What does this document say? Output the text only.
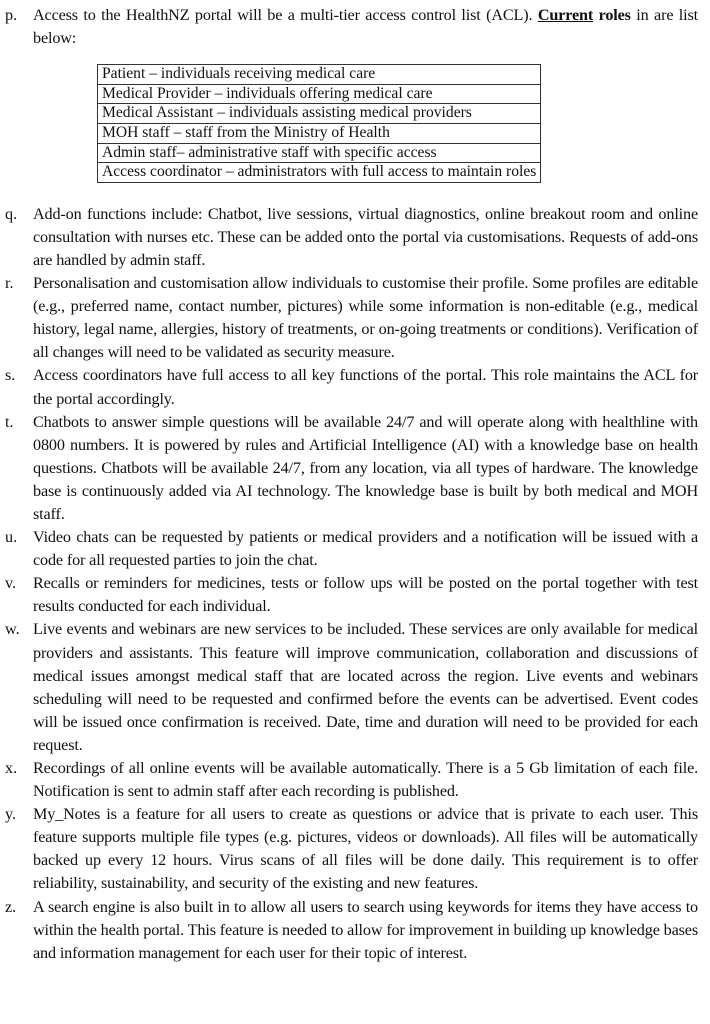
p. Access to the HealthNZ portal will be a multi-tier access control list (ACL). Current roles in are list below:
Patient – individuals receiving medical care
Medical Provider – individuals offering medical care
Medical Assistant – individuals assisting medical providers
MOH staff – staff from the Ministry of Health
Admin staff– administrative staff with specific access
Access coordinator – administrators with full access to maintain roles
q. Add-on functions include: Chatbot, live sessions, virtual diagnostics, online breakout room and online consultation with nurses etc. These can be added onto the portal via customisations. Requests of add-ons are handled by admin staff.
r.	Personalisation and customisation allow individuals to customise their profile. Some profiles are editable (e.g., preferred name, contact number, pictures) while some information is non-editable (e.g., medical history, legal name, allergies, history of treatments, or on-going treatments or conditions). Verification of all changes will need to be validated as security measure.
s.	Access coordinators have full access to all key functions of the portal. This role maintains the ACL for the portal accordingly.
t.	Chatbots to answer simple questions will be available 24/7 and will operate along with healthline with 0800 numbers. It is powered by rules and Artificial Intelligence (AI) with a knowledge base on health questions. Chatbots will be available 24/7, from any location, via all types of hardware. The knowledge base is continuously added via AI technology. The knowledge base is built by both medical and MOH staff.
u. Video chats can be requested by patients or medical providers and a notification will be issued with a code for all requested parties to join the chat.
v.	Recalls or reminders for medicines, tests or follow ups will be posted on the portal together with test results conducted for each individual.
w. Live events and webinars are new services to be included. These services are only available for medical providers and assistants. This feature will improve communication, collaboration and discussions of medical issues amongst medical staff that are located across the region. Live events and webinars scheduling will need to be requested and confirmed before the events can be advertised. Event codes will be issued once confirmation is received. Date, time and duration will need to be provided for each request.
x. Recordings of all online events will be available automatically. There is a 5 Gb limitation of each file. Notification is sent to admin staff after each recording is published.
y.	My_Notes is a feature for all users to create as questions or advice that is private to each user. This feature supports multiple file types (e.g. pictures, videos or downloads). All files will be automatically backed up every 12 hours. Virus scans of all files will be done daily. This requirement is to offer reliability, sustainability, and security of the existing and new features.
z.	A search engine is also built in to allow all users to search using keywords for items they have access to within the health portal. This feature is needed to allow for improvement in building up knowledge bases and information management for each user for their topic of interest.
